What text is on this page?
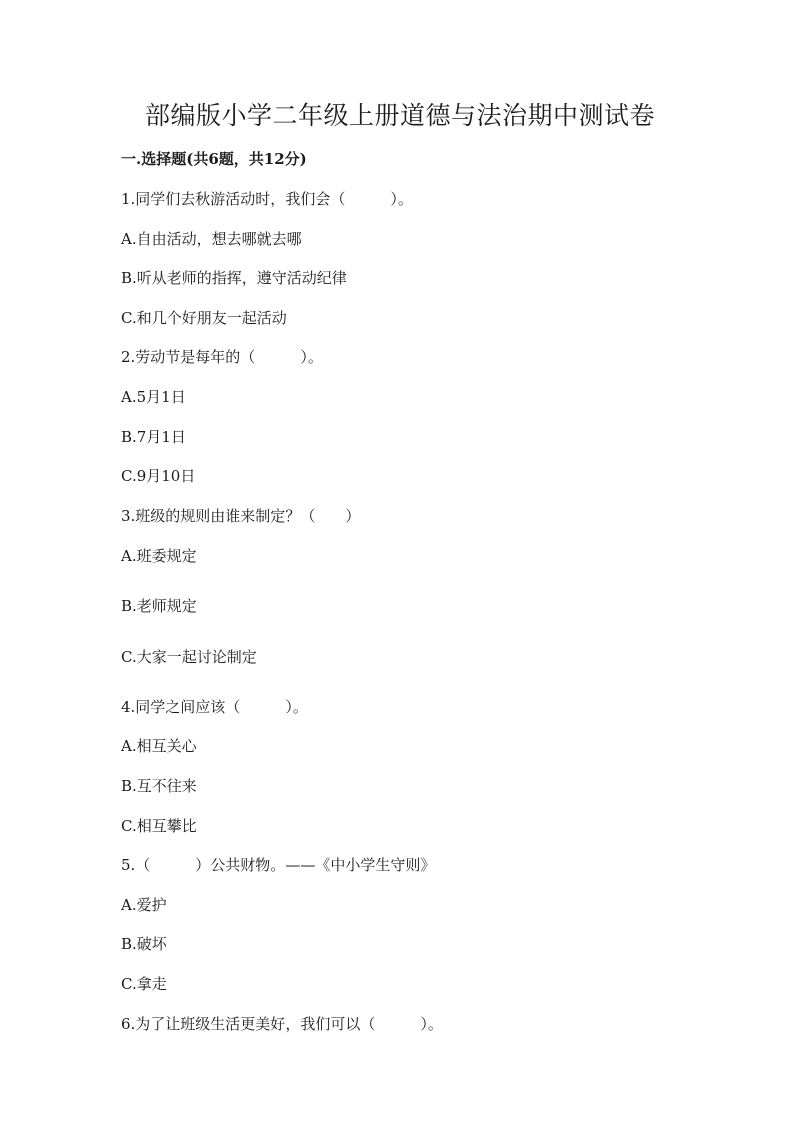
部编版小学二年级上册道德与法治期中测试卷

一.选择题(共6题，共12分)

1.同学们去秋游活动时，我们会（　　　）。

A.自由活动，想去哪就去哪

B.听从老师的指挥，遵守活动纪律

C.和几个好朋友一起活动

2.劳动节是每年的（　　　）。

A.5月1日

B.7月1日

C.9月10日

3.班级的规则由谁来制定？（　　）

A.班委规定

B.老师规定

C.大家一起讨论制定

4.同学之间应该（　　　）。

A.相互关心

B.互不往来

C.相互攀比

5.（　　　）公共财物。——《中小学生守则》

A.爱护

B.破坏

C.拿走

6.为了让班级生活更美好，我们可以（　　　）。
